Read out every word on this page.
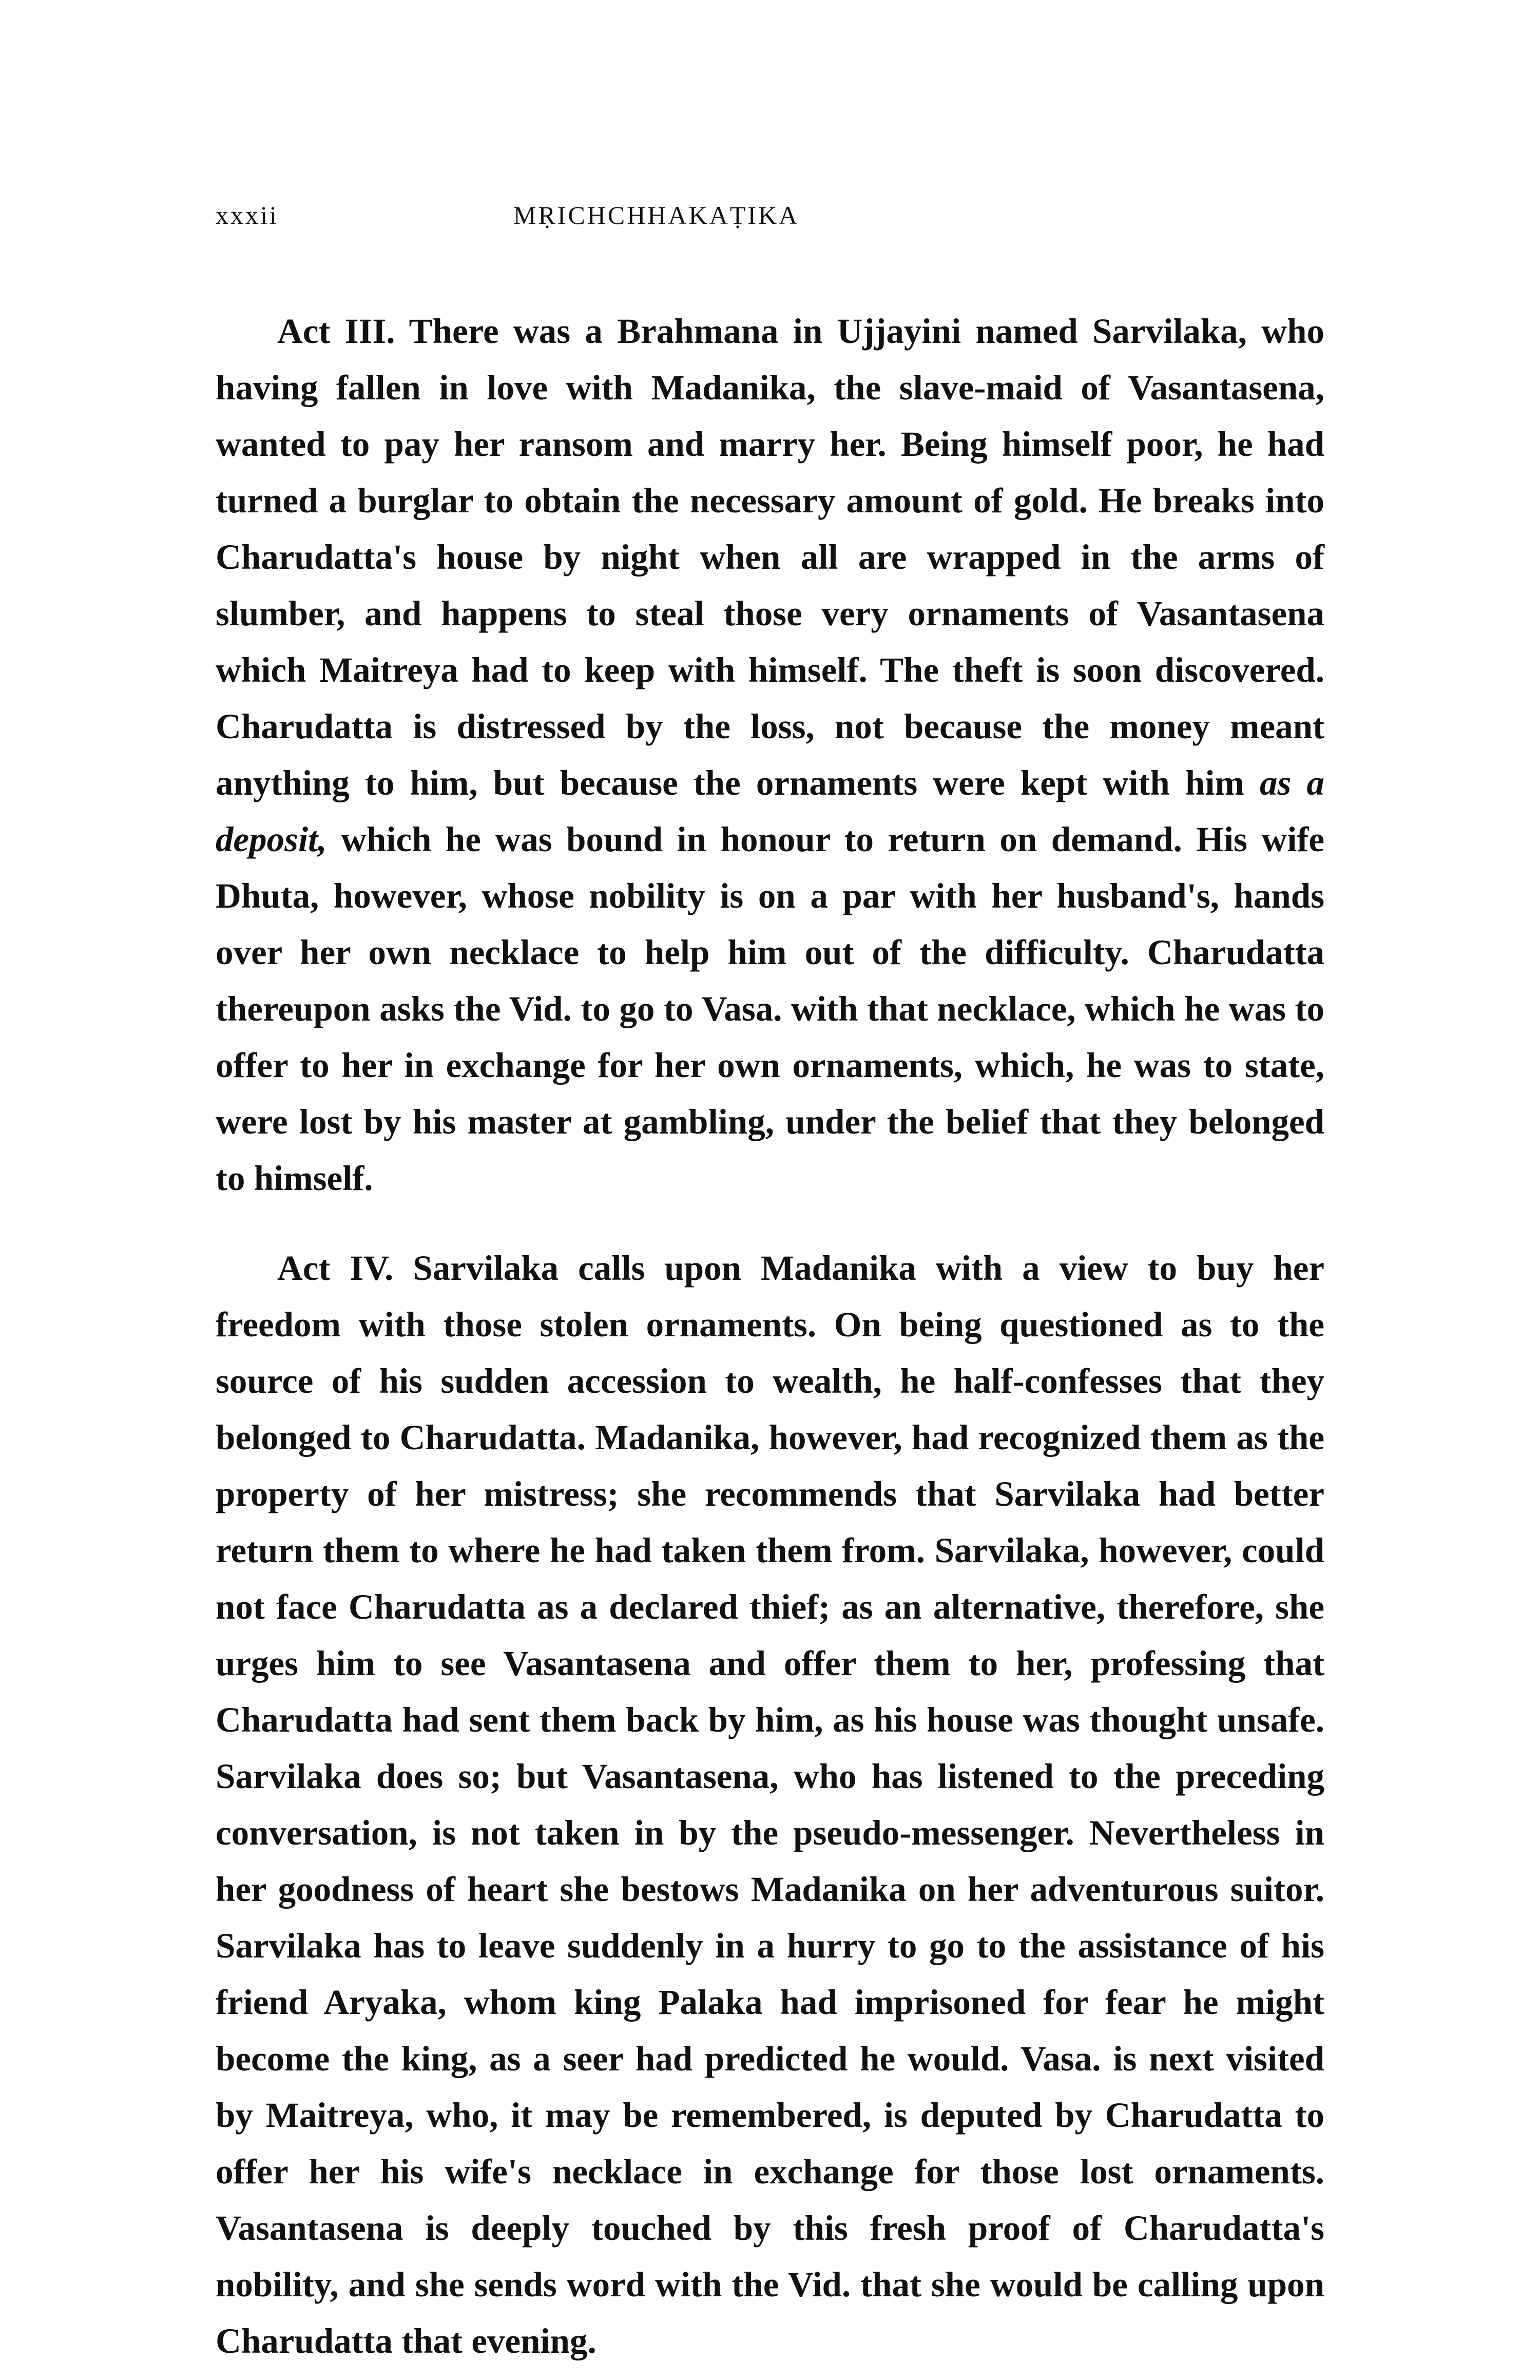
xxxii	MṚICHCHHAKAṬIKA

Act III. There was a Brahmana in Ujjayini named Sarvilaka, who having fallen in love with Madanika, the slave-maid of Vasantasena, wanted to pay her ransom and marry her. Being himself poor, he had turned a burglar to obtain the necessary amount of gold. He breaks into Charudatta's house by night when all are wrapped in the arms of slumber, and happens to steal those very ornaments of Vasantasena which Maitreya had to keep with himself. The theft is soon discovered. Charudatta is distressed by the loss, not because the money meant anything to him, but because the ornaments were kept with him as a deposit, which he was bound in honour to return on demand. His wife Dhuta, however, whose nobility is on a par with her husband's, hands over her own necklace to help him out of the difficulty. Charudatta thereupon asks the Vid. to go to Vasa. with that necklace, which he was to offer to her in exchange for her own ornaments, which, he was to state, were lost by his master at gambling, under the belief that they belonged to himself.

Act IV. Sarvilaka calls upon Madanika with a view to buy her freedom with those stolen ornaments. On being questioned as to the source of his sudden accession to wealth, he half-confesses that they belonged to Charudatta. Madanika, however, had recognized them as the property of her mistress; she recommends that Sarvilaka had better return them to where he had taken them from. Sarvilaka, however, could not face Charudatta as a declared thief; as an alternative, therefore, she urges him to see Vasantasena and offer them to her, professing that Charudatta had sent them back by him, as his house was thought unsafe. Sarvilaka does so; but Vasantasena, who has listened to the preceding conversation, is not taken in by the pseudo-messenger. Nevertheless in her goodness of heart she bestows Madanika on her adventurous suitor. Sarvilaka has to leave suddenly in a hurry to go to the assistance of his friend Aryaka, whom king Palaka had imprisoned for fear he might become the king, as a seer had predicted he would. Vasa. is next visited by Maitreya, who, it may be remembered, is deputed by Charudatta to offer her his wife's necklace in exchange for those lost ornaments. Vasantasena is deeply touched by this fresh proof of Charudatta's nobility, and she sends word with the Vid. that she would be calling upon Charudatta that evening.
